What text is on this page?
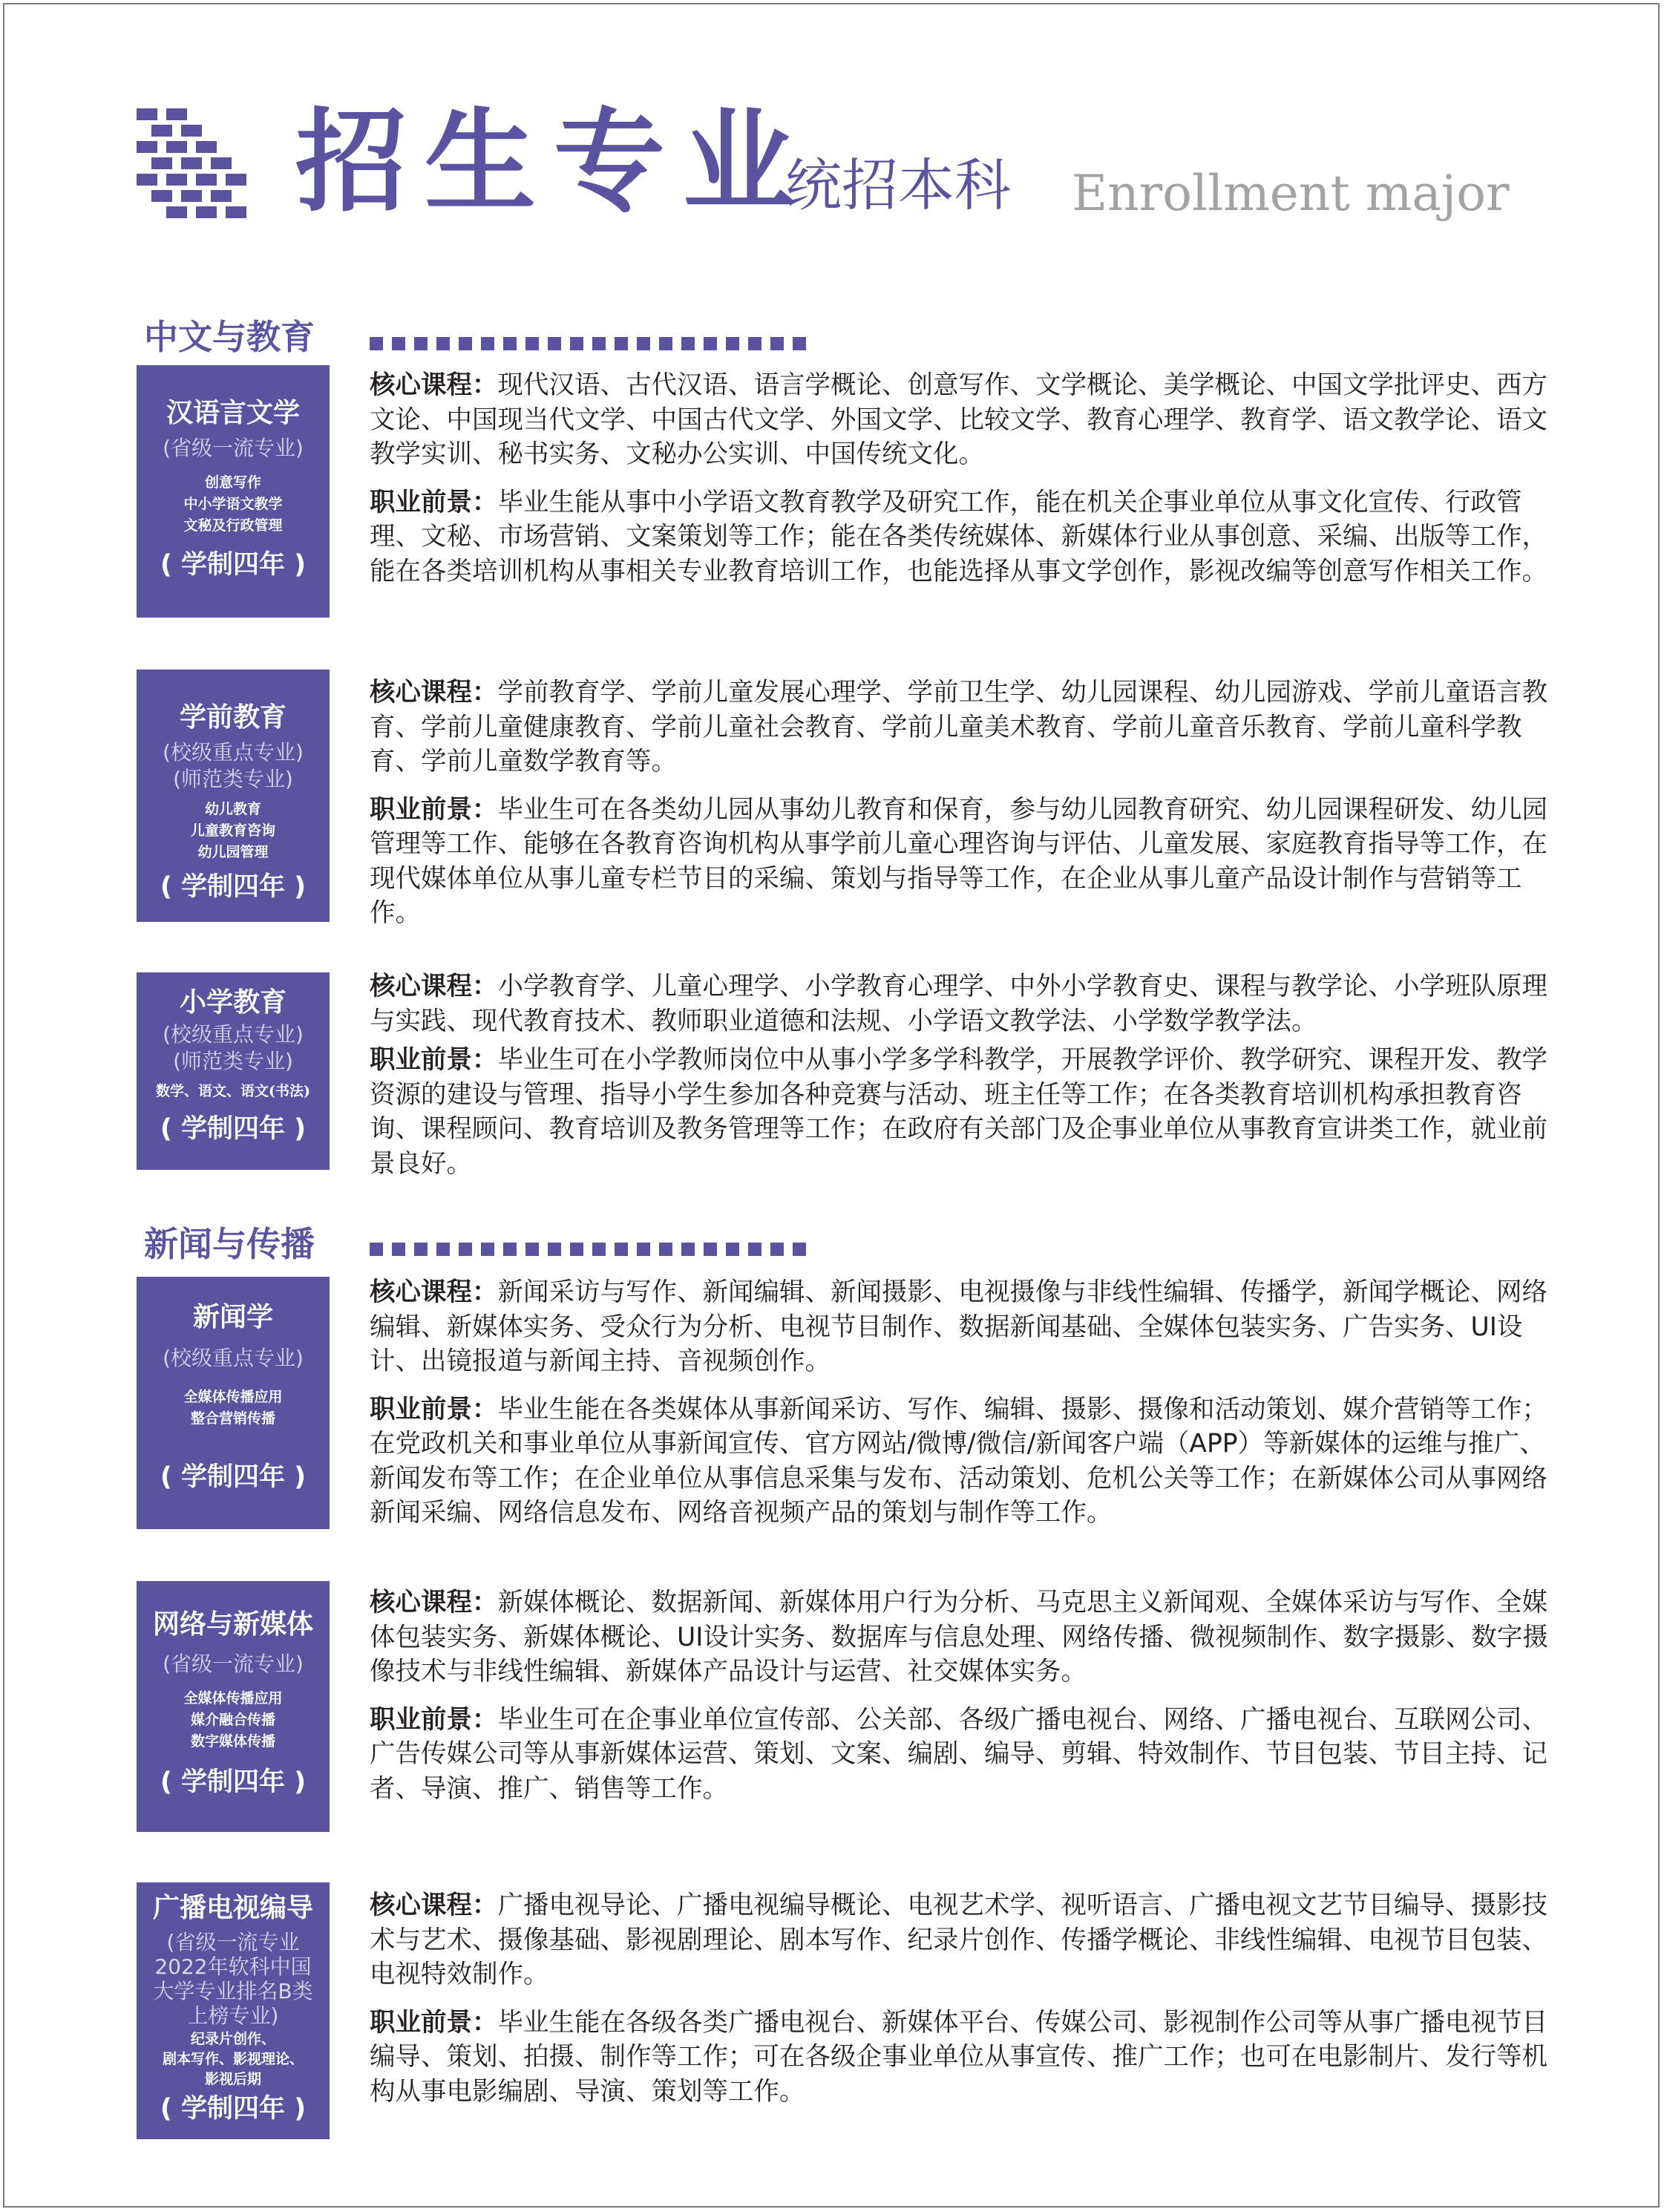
招生专业
统招本科 Enrollment major
中文与教育
汉语言文学
(省级一流专业)
创意写作
中小学语文教学
文秘及行政管理
( 学制四年 )

核心课程：现代汉语、古代汉语、语言学概论、创意写作、文学概论、美学概论、中国文学批评史、西方文论、中国现当代文学、中国古代文学、外国文学、比较文学、教育心理学、教育学、语文教学论、语文教学实训、秘书实务、文秘办公实训、中国传统文化。

职业前景：毕业生能从事中小学语文教育教学及研究工作，能在机关企事业单位从事文化宣传、行政管理、文秘、市场营销、文案策划等工作；能在各类传统媒体、新媒体行业从事创意、采编、出版等工作，能在各类培训机构从事相关专业教育培训工作，也能选择从事文学创作，影视改编等创意写作相关工作。

学前教育
(校级重点专业)
(师范类专业)
幼儿教育
儿童教育咨询
幼儿园管理
( 学制四年 )

核心课程：学前教育学、学前儿童发展心理学、学前卫生学、幼儿园课程、幼儿园游戏、学前儿童语言教育、学前儿童健康教育、学前儿童社会教育、学前儿童美术教育、学前儿童音乐教育、学前儿童科学教育、学前儿童数学教育等。

职业前景：毕业生可在各类幼儿园从事幼儿教育和保育，参与幼儿园教育研究、幼儿园课程研发、幼儿园管理等工作、能够在各教育咨询机构从事学前儿童心理咨询与评估、儿童发展、家庭教育指导等工作，在现代媒体单位从事儿童专栏节目的采编、策划与指导等工作，在企业从事儿童产品设计制作与营销等工作。

小学教育
(校级重点专业)
(师范类专业)
数学、语文、语文(书法)
( 学制四年 )

核心课程：小学教育学、儿童心理学、小学教育心理学、中外小学教育史、课程与教学论、小学班队原理与实践、现代教育技术、教师职业道德和法规、小学语文教学法、小学数学教学法。

职业前景：毕业生可在小学教师岗位中从事小学多学科教学，开展教学评价、教学研究、课程开发、教学资源的建设与管理、指导小学生参加各种竞赛与活动、班主任等工作；在各类教育培训机构承担教育咨询、课程顾问、教育培训及教务管理等工作；在政府有关部门及企事业单位从事教育宣讲类工作，就业前景良好。

新闻与传播
新闻学
(校级重点专业)
全媒体传播应用
整合营销传播
( 学制四年 )

核心课程：新闻采访与写作、新闻编辑、新闻摄影、电视摄像与非线性编辑、传播学，新闻学概论、网络编辑、新媒体实务、受众行为分析、电视节目制作、数据新闻基础、全媒体包装实务、广告实务、UI设计、出镜报道与新闻主持、音视频创作。

职业前景：毕业生能在各类媒体从事新闻采访、写作、编辑、摄影、摄像和活动策划、媒介营销等工作；在党政机关和事业单位从事新闻宣传、官方网站/微博/微信/新闻客户端（APP）等新媒体的运维与推广、新闻发布等工作；在企业单位从事信息采集与发布、活动策划、危机公关等工作；在新媒体公司从事网络新闻采编、网络信息发布、网络音视频产品的策划与制作等工作。

网络与新媒体
(省级一流专业)
全媒体传播应用
媒介融合传播
数字媒体传播
( 学制四年 )

核心课程：新媒体概论、数据新闻、新媒体用户行为分析、马克思主义新闻观、全媒体采访与写作、全媒体包装实务、新媒体概论、UI设计实务、数据库与信息处理、网络传播、微视频制作、数字摄影、数字摄像技术与非线性编辑、新媒体产品设计与运营、社交媒体实务。

职业前景：毕业生可在企事业单位宣传部、公关部、各级广播电视台、网络、广播电视台、互联网公司、广告传媒公司等从事新媒体运营、策划、文案、编剧、编导、剪辑、特效制作、节目包装、节目主持、记者、导演、推广、销售等工作。

广播电视编导
(省级一流专业
2022年软科中国
大学专业排名B类
上榜专业)
纪录片创作、
剧本写作、影视理论、
影视后期
( 学制四年 )

核心课程：广播电视导论、广播电视编导概论、电视艺术学、视听语言、广播电视文艺节目编导、摄影技术与艺术、摄像基础、影视剧理论、剧本写作、纪录片创作、传播学概论、非线性编辑、电视节目包装、电视特效制作。

职业前景：毕业生能在各级各类广播电视台、新媒体平台、传媒公司、影视制作公司等从事广播电视节目编导、策划、拍摄、制作等工作；可在各级企事业单位从事宣传、推广工作；也可在电影制片、发行等机构从事电影编剧、导演、策划等工作。
